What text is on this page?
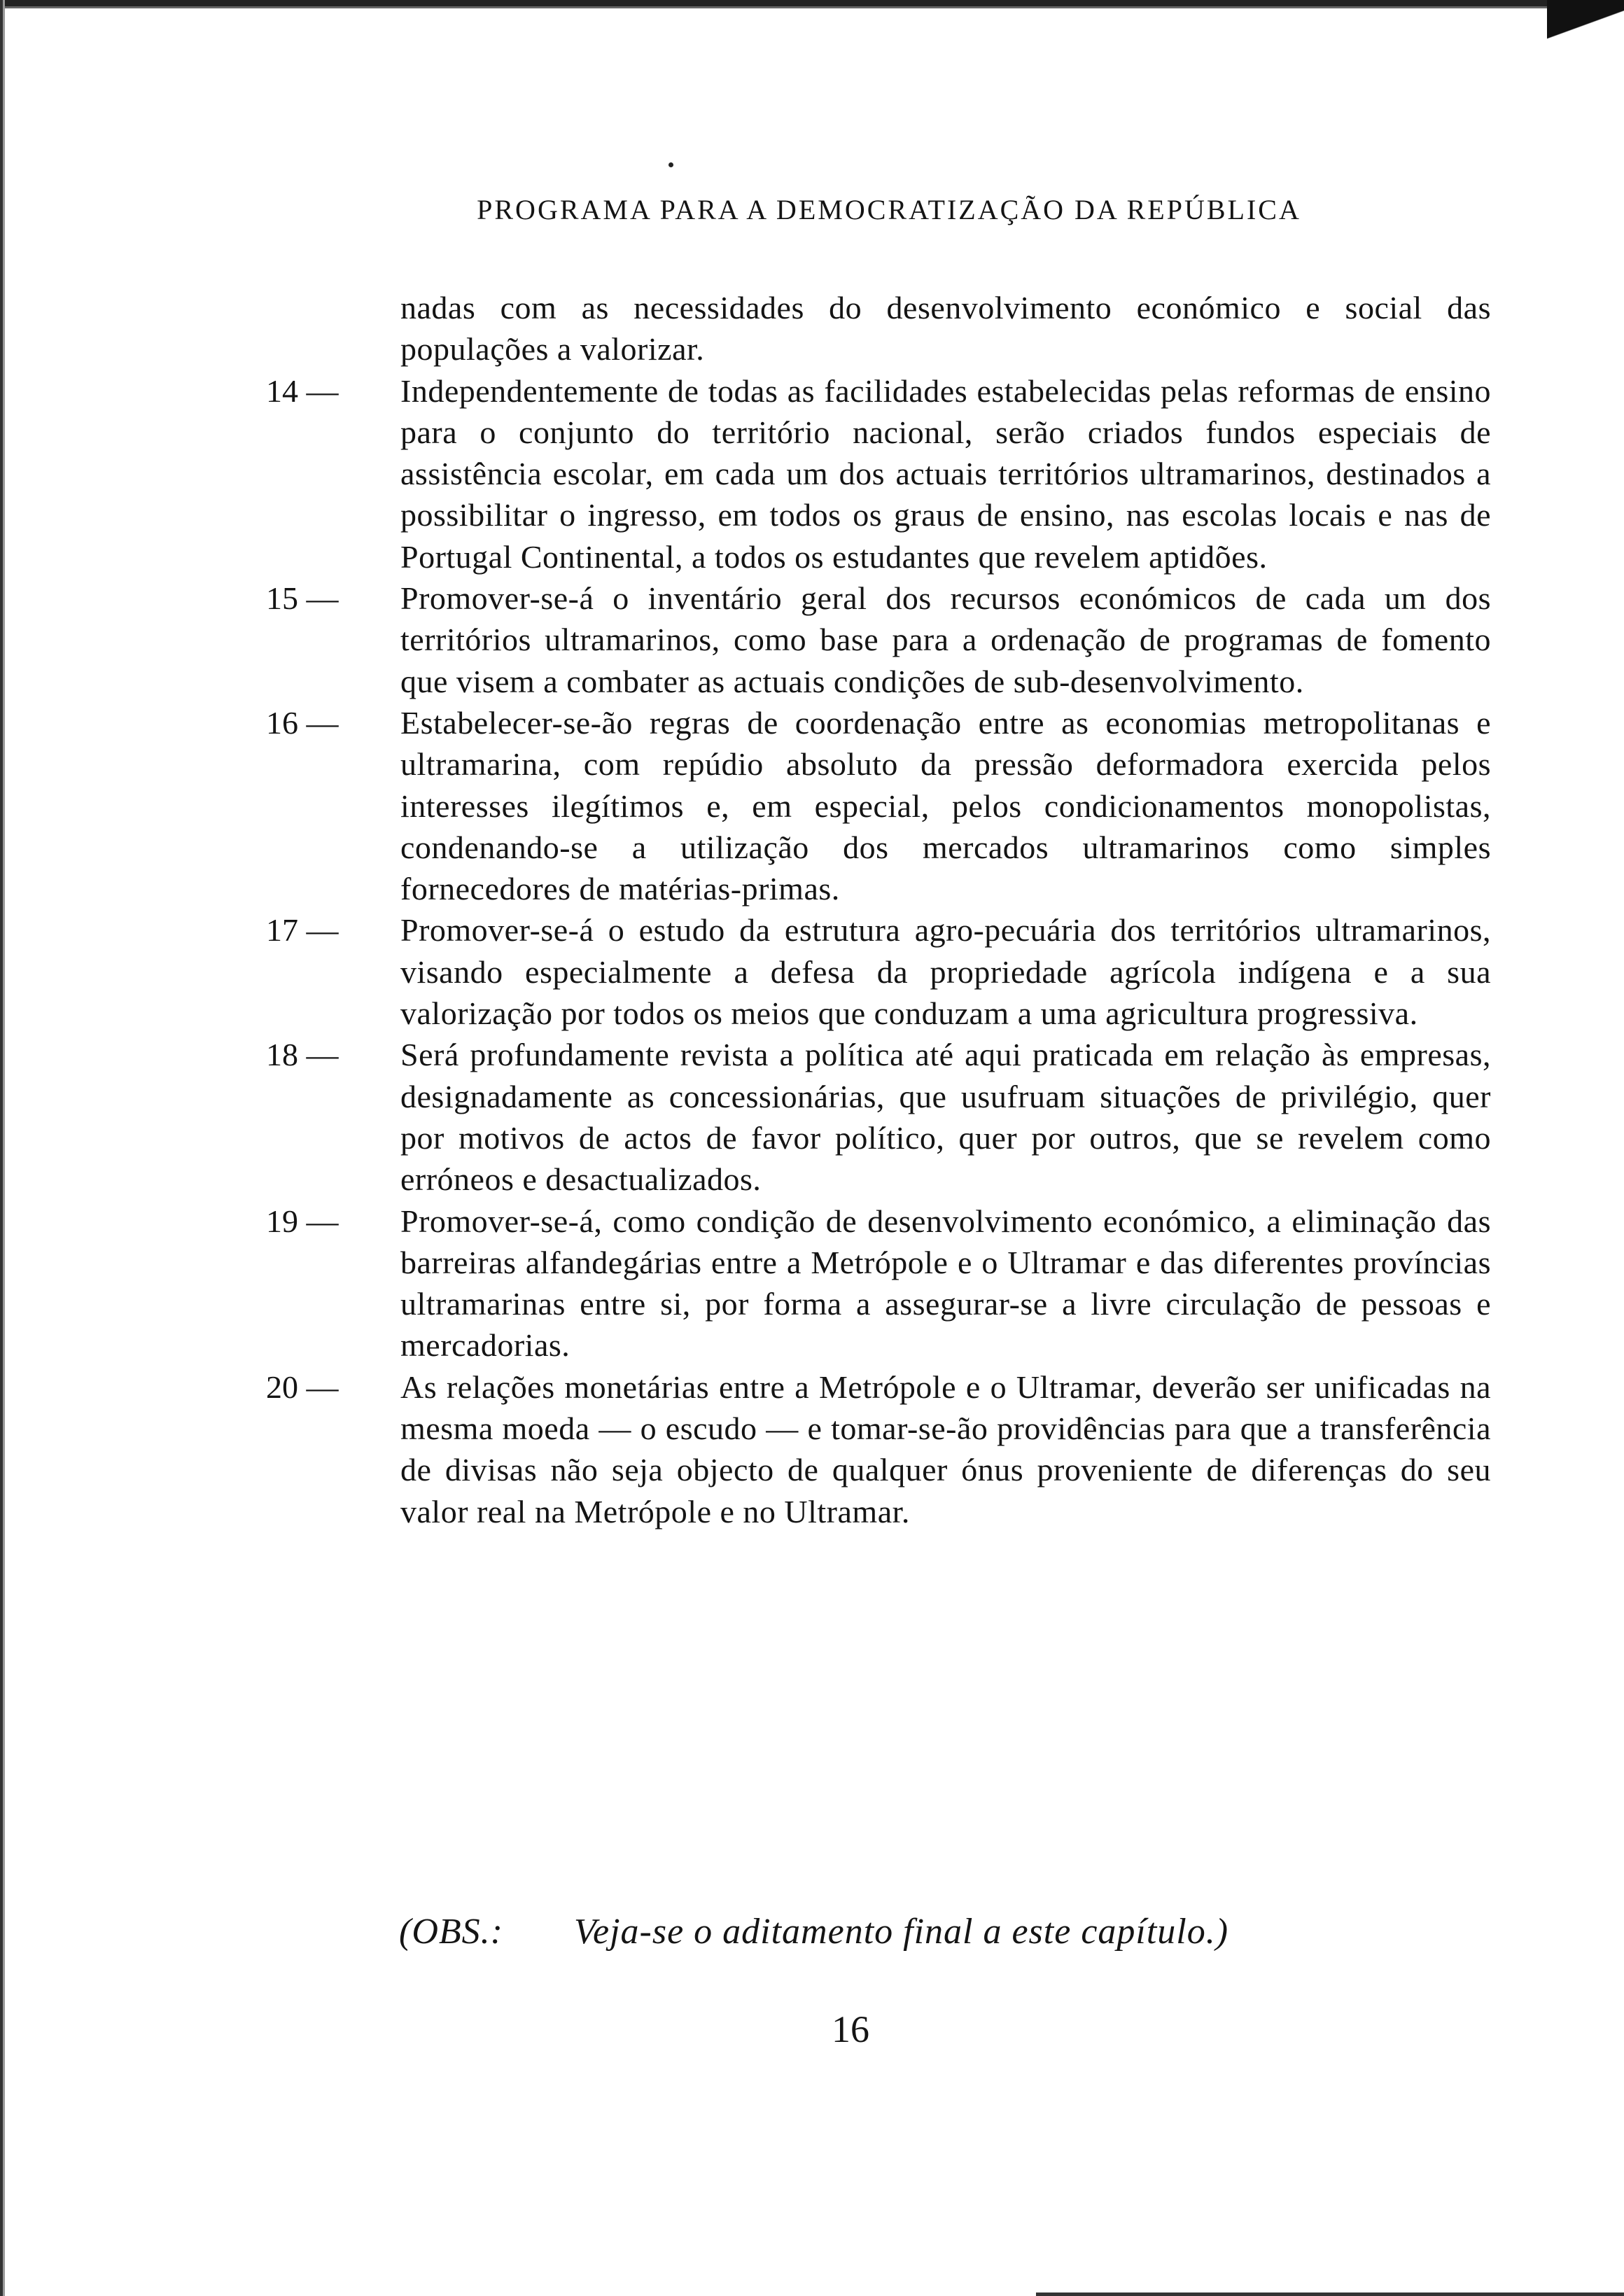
PROGRAMA PARA A DEMOCRATIZAÇÃO DA REPÚBLICA
nadas com as necessidades do desenvolvimento económico e social das populações a valorizar.
14 —	Independentemente de todas as facilidades estabelecidas pelas reformas de ensino para o conjunto do território nacional, serão criados fundos especiais de assistência escolar, em cada um dos actuais territórios ultramarinos, destinados a possibilitar o ingresso, em todos os graus de ensino, nas escolas locais e nas de Portugal Continental, a todos os estudantes que revelem aptidões.
15 —	Promover-se-á o inventário geral dos recursos económicos de cada um dos territórios ultramarinos, como base para a ordenação de programas de fomento que visem a combater as actuais condições de sub-desenvolvimento.
16 —	Estabelecer-se-ão regras de coordenação entre as economias metropolitanas e ultramarina, com repúdio absoluto da pressão deformadora exercida pelos interesses ilegítimos e, em especial, pelos condicionamentos monopolistas, condenando-se a utilização dos mercados ultramarinos como simples fornecedores de matérias-primas.
17 —	Promover-se-á o estudo da estrutura agro-pecuária dos territórios ultramarinos, visando especialmente a defesa da propriedade agrícola indígena e a sua valorização por todos os meios que conduzam a uma agricultura progressiva.
18 —	Será profundamente revista a política até aqui praticada em relação às empresas, designadamente as concessionárias, que usufruam situações de privilégio, quer por motivos de actos de favor político, quer por outros, que se revelem como erróneos e desactualizados.
19 —	Promover-se-á, como condição de desenvolvimento económico, a eliminação das barreiras alfandegárias entre a Metrópole e o Ultramar e das diferentes províncias ultramarinas entre si, por forma a assegurar-se a livre circulação de pessoas e mercadorias.
20 —	As relações monetárias entre a Metrópole e o Ultramar, deverão ser unificadas na mesma moeda — o escudo — e tomar-se-ão providências para que a transferência de divisas não seja objecto de qualquer ónus proveniente de diferenças do seu valor real na Metrópole e no Ultramar.
(OBS.: Veja-se o aditamento final a este capítulo.)
16
